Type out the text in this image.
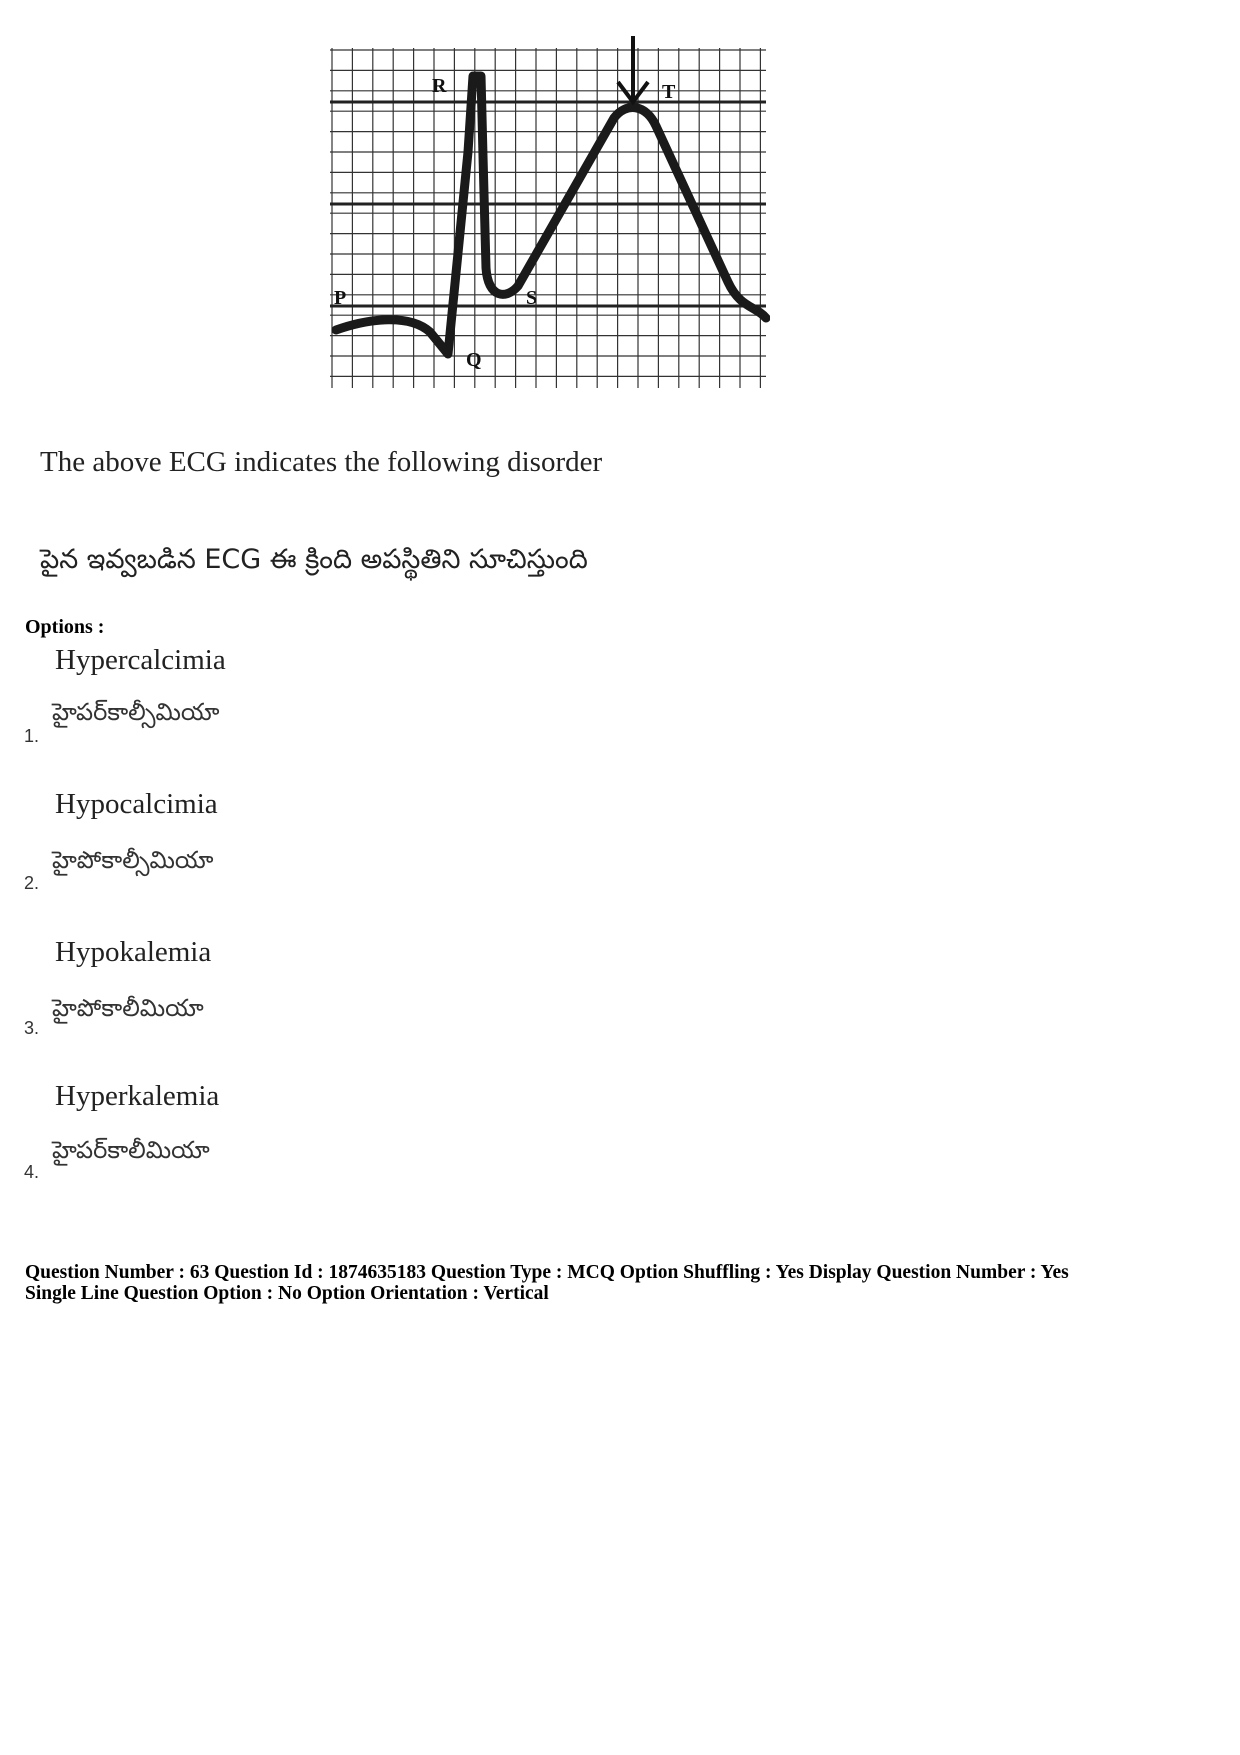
R	T
P	S
Q
The above ECG indicates the following disorder
పైన ఇవ్వబడిన ECG ఈ క్రింది అపస్థితిని సూచిస్తుంది
Options :
Hypercalcimia
హైపర్‌కాల్సీమియా
1.
Hypocalcimia
హైపోకాల్సీమియా
2.
Hypokalemia
హైపోకాలీమియా
3.
Hyperkalemia
హైపర్‌కాలీమియా
4.
Question Number : 63 Question Id : 1874635183 Question Type : MCQ Option Shuffling : Yes Display Question Number : Yes
Single Line Question Option : No Option Orientation : Vertical
